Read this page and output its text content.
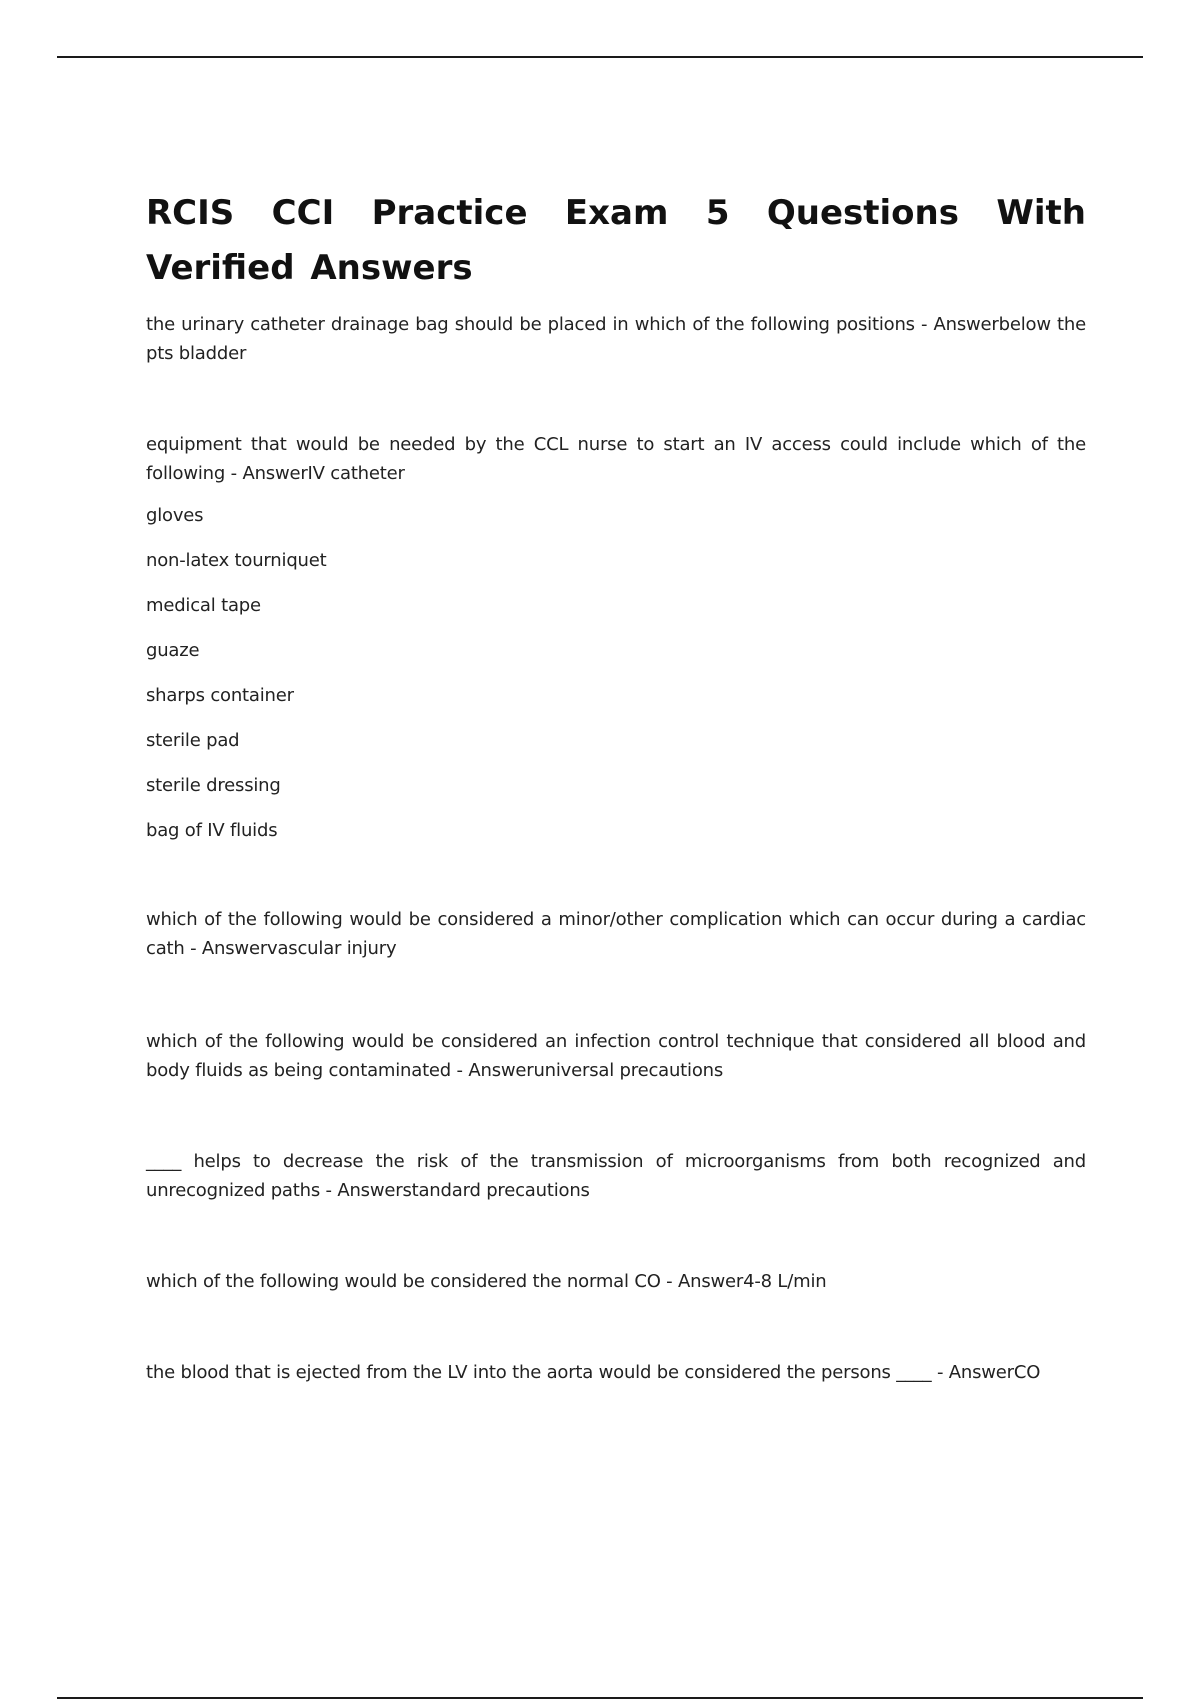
RCIS CCI Practice Exam 5 Questions With Verified Answers

the urinary catheter drainage bag should be placed in which of the following positions - Answerbelow the pts bladder

equipment that would be needed by the CCL nurse to start an IV access could include which of the following - AnswerIV catheter

gloves

non-latex tourniquet

medical tape

guaze

sharps container

sterile pad

sterile dressing

bag of IV fluids

which of the following would be considered a minor/other complication which can occur during a cardiac cath - Answervascular injury

which of the following would be considered an infection control technique that considered all blood and body fluids as being contaminated - Answeruniversal precautions

____ helps to decrease the risk of the transmission of microorganisms from both recognized and unrecognized paths - Answerstandard precautions

which of the following would be considered the normal CO - Answer4-8 L/min

the blood that is ejected from the LV into the aorta would be considered the persons ____ - AnswerCO
